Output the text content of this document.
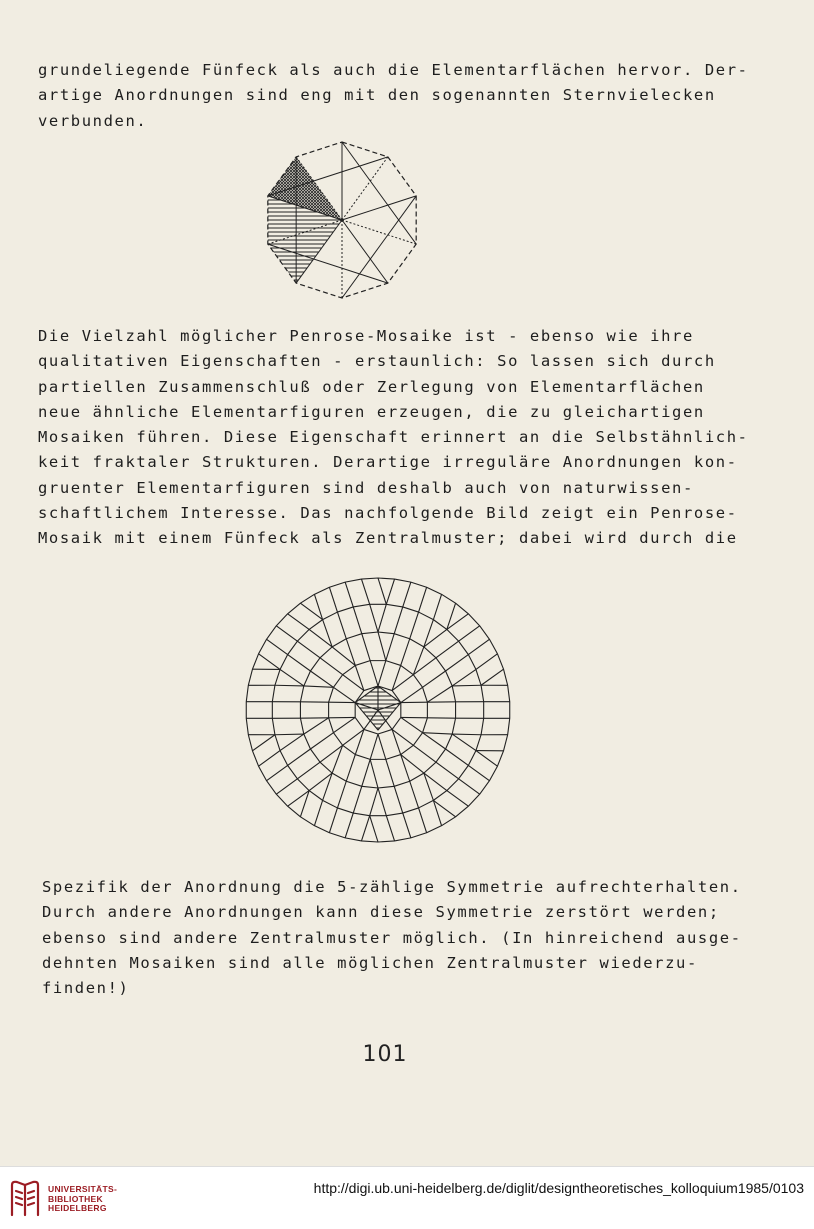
grundeliegende Fünfeck als auch die Elementarflächen hervor. Der-
artige Anordnungen sind eng mit den sogenannten Sternvielecken
verbunden.
Die Vielzahl möglicher Penrose-Mosaike ist - ebenso wie ihre
qualitativen Eigenschaften - erstaunlich: So lassen sich durch
partiellen Zusammenschluß oder Zerlegung von Elementarflächen
neue ähnliche Elementarfiguren erzeugen, die zu gleichartigen
Mosaiken führen. Diese Eigenschaft erinnert an die Selbstähnlich-
keit fraktaler Strukturen. Derartige irreguläre Anordnungen kon-
gruenter Elementarfiguren sind deshalb auch von naturwissen-
schaftlichem Interesse. Das nachfolgende Bild zeigt ein Penrose-
Mosaik mit einem Fünfeck als Zentralmuster; dabei wird durch die
Spezifik der Anordnung die 5-zählige Symmetrie aufrechterhalten.
Durch andere Anordnungen kann diese Symmetrie zerstört werden;
ebenso sind andere Zentralmuster möglich. (In hinreichend ausge-
dehnten Mosaiken sind alle möglichen Zentralmuster wiederzu-
finden!)
101
UNIVERSITÄTS-
BIBLIOTHEK
HEIDELBERG
http://digi.ub.uni-heidelberg.de/diglit/designtheoretisches_kolloquium1985/0103
